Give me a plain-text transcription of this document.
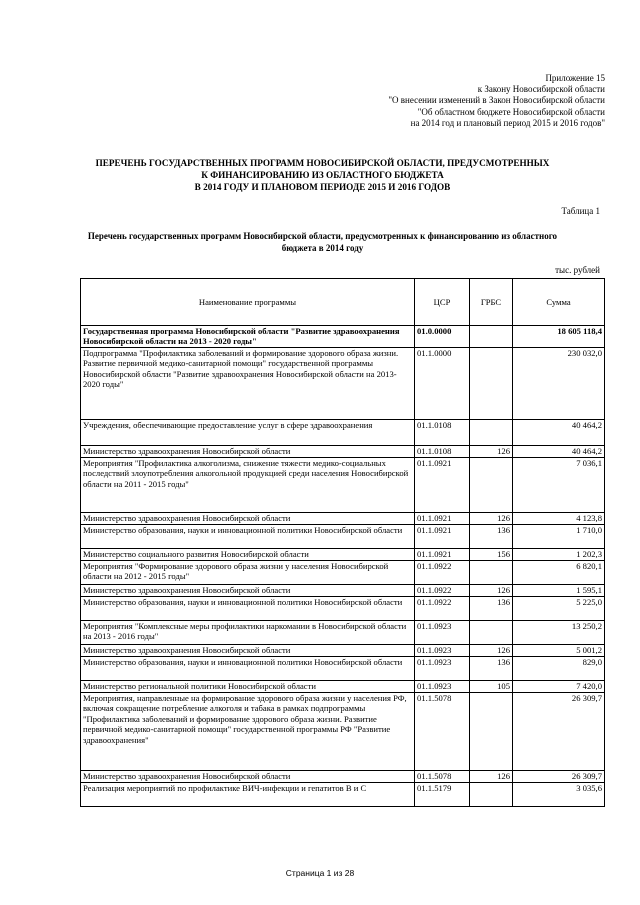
Приложение 15
к Закону Новосибирской области
"О внесении изменений в Закон Новосибирской области
"Об областном бюджете Новосибирской области
на 2014 год и плановый период 2015 и 2016 годов"
ПЕРЕЧЕНЬ ГОСУДАРСТВЕННЫХ ПРОГРАММ НОВОСИБИРСКОЙ ОБЛАСТИ, ПРЕДУСМОТРЕННЫХ
К ФИНАНСИРОВАНИЮ ИЗ ОБЛАСТНОГО БЮДЖЕТА
В 2014 ГОДУ И ПЛАНОВОМ ПЕРИОДЕ 2015 И 2016 ГОДОВ
Таблица 1
Перечень государственных программ Новосибирской области, предусмотренных к финансированию из областного бюджета в 2014 году
тыс. рублей
Наименование программы	ЦСР	ГРБС	Сумма
Государственная программа Новосибирской области "Развитие здравоохранения Новосибирской области на 2013 - 2020 годы"	01.0.0000		18 605 118,4
Подпрограмма "Профилактика заболеваний и формирование здорового образа жизни. Развитие первичной медико-санитарной помощи" государственной программы Новосибирской области "Развитие здравоохранения Новосибирской области на 2013-2020 годы"	01.1.0000		230 032,0
Учреждения, обеспечивающие предоставление услуг в сфере здравоохранения	01.1.0108		40 464,2
Министерство здравоохранения Новосибирской области	01.1.0108	126	40 464,2
Мероприятия "Профилактика алкоголизма, снижение тяжести медико-социальных последствий злоупотребления алкогольной продукцией среди населения Новосибирской области на 2011 - 2015 годы"	01.1.0921		7 036,1
Министерство здравоохранения Новосибирской области	01.1.0921	126	4 123,8
Министерство образования, науки и инновационной политики Новосибирской области	01.1.0921	136	1 710,0
Министерство социального развития Новосибирской области	01.1.0921	156	1 202,3
Мероприятия "Формирование здорового образа жизни у населения Новосибирской области на 2012 - 2015 годы"	01.1.0922		6 820,1
Министерство здравоохранения Новосибирской области	01.1.0922	126	1 595,1
Министерство образования, науки и инновационной политики Новосибирской области	01.1.0922	136	5 225,0
Мероприятия "Комплексные меры профилактики наркомании в Новосибирской области на 2013 - 2016 годы"	01.1.0923		13 250,2
Министерство здравоохранения Новосибирской области	01.1.0923	126	5 001,2
Министерство образования, науки и инновационной политики Новосибирской области	01.1.0923	136	829,0
Министерство региональной политики Новосибирской области	01.1.0923	105	7 420,0
Мероприятия, направленные на формирование здорового образа жизни у населения РФ, включая сокращение потребление алкоголя и табака в рамках подпрограммы "Профилактика заболеваний и формирование здорового образа жизни. Развитие первичной медико-санитарной помощи" государственной программы РФ "Развитие здравоохранения"	01.1.5078		26 309,7
Министерство здравоохранения Новосибирской области	01.1.5078	126	26 309,7
Реализация мероприятий по профилактике ВИЧ-инфекции и гепатитов В и С	01.1.5179		3 035,6
Страница 1 из 28
